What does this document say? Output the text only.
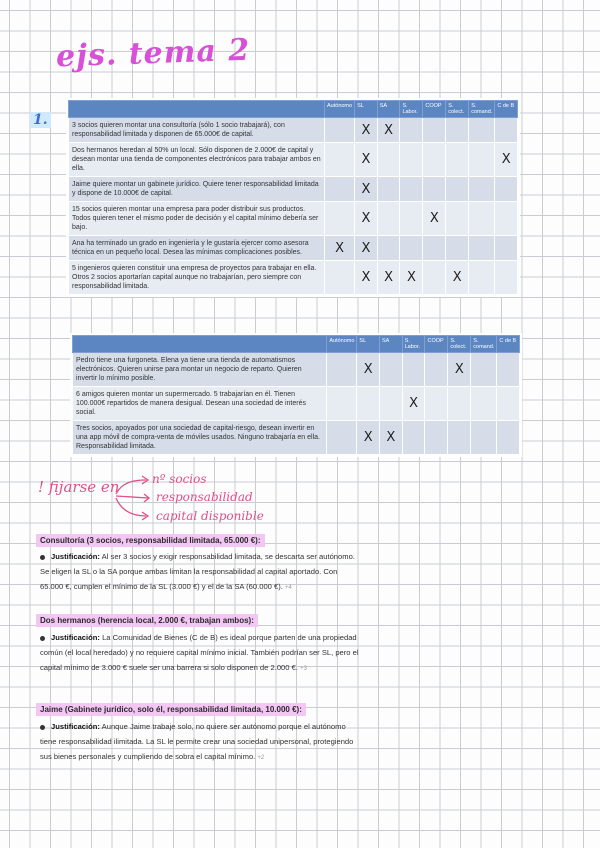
ejs. tema 2
1.
	Autónomo	SL	SA	S. Labor.	COOP	S. colect.	S. comand.	C de B
3 socios quieren montar una consultoría (sólo 1 socio trabajará), con responsabilidad limitada y disponen de 65.000€ de capital.		X	X					
Dos hermanos heredan al 50% un local. Sólo disponen de 2.000€ de capital y desean montar una tienda de componentes electrónicos para trabajar ambos en ella.		X						X
Jaime quiere montar un gabinete jurídico. Quiere tener responsabilidad limitada y dispone de 10.000€ de capital.		X						
15 socios quieren montar una empresa para poder distribuir sus productos. Todos quieren tener el mismo poder de decisión y el capital mínimo debería ser bajo.		X			X			
Ana ha terminado un grado en ingeniería y le gustaría ejercer como asesora técnica en un pequeño local. Desea las mínimas complicaciones posibles.	X	X						
5 ingenieros quieren constituir una empresa de proyectos para trabajar en ella. Otros 2 socios aportarían capital aunque no trabajarían, pero siempre con responsabilidad limitada.		X	X	X		X		
	Autónomo	SL	SA	S. Labor.	COOP	S. colect.	S. comand.	C de B
Pedro tiene una furgoneta. Elena ya tiene una tienda de automatismos electrónicos. Quieren unirse para montar un negocio de reparto. Quieren invertir lo mínimo posible.		X				X		
6 amigos quieren montar un supermercado. 5 trabajarían en él. Tienen 100.000€ repartidos de manera desigual. Desean una sociedad de interés social.				X				
Tres socios, apoyados por una sociedad de capital-riesgo, desean invertir en una app móvil de compra-venta de móviles usados. Ninguno trabajaría en ella. Responsabilidad limitada.		X	X					
! fijarse en	nº socios
responsabilidad
capital disponible
Consultoría (3 socios, responsabilidad limitada, 65.000 €):
Justificación: Al ser 3 socios y exigir responsabilidad limitada, se descarta ser autónomo. Se eligen la SL o la SA porque ambas limitan la responsabilidad al capital aportado. Con 65.000 €, cumplen el mínimo de la SL (3.000 €) y el de la SA (60.000 €). +4
Dos hermanos (herencia local, 2.000 €, trabajan ambos):
Justificación: La Comunidad de Bienes (C de B) es ideal porque parten de una propiedad común (el local heredado) y no requiere capital mínimo inicial. También podrían ser SL, pero el capital mínimo de 3.000 € suele ser una barrera si solo disponen de 2.000 €. +3
Jaime (Gabinete jurídico, solo él, responsabilidad limitada, 10.000 €):
Justificación: Aunque Jaime trabaje solo, no quiere ser autónomo porque el autónomo tiene responsabilidad ilimitada. La SL le permite crear una sociedad unipersonal, protegiendo sus bienes personales y cumpliendo de sobra el capital mínimo. +2
